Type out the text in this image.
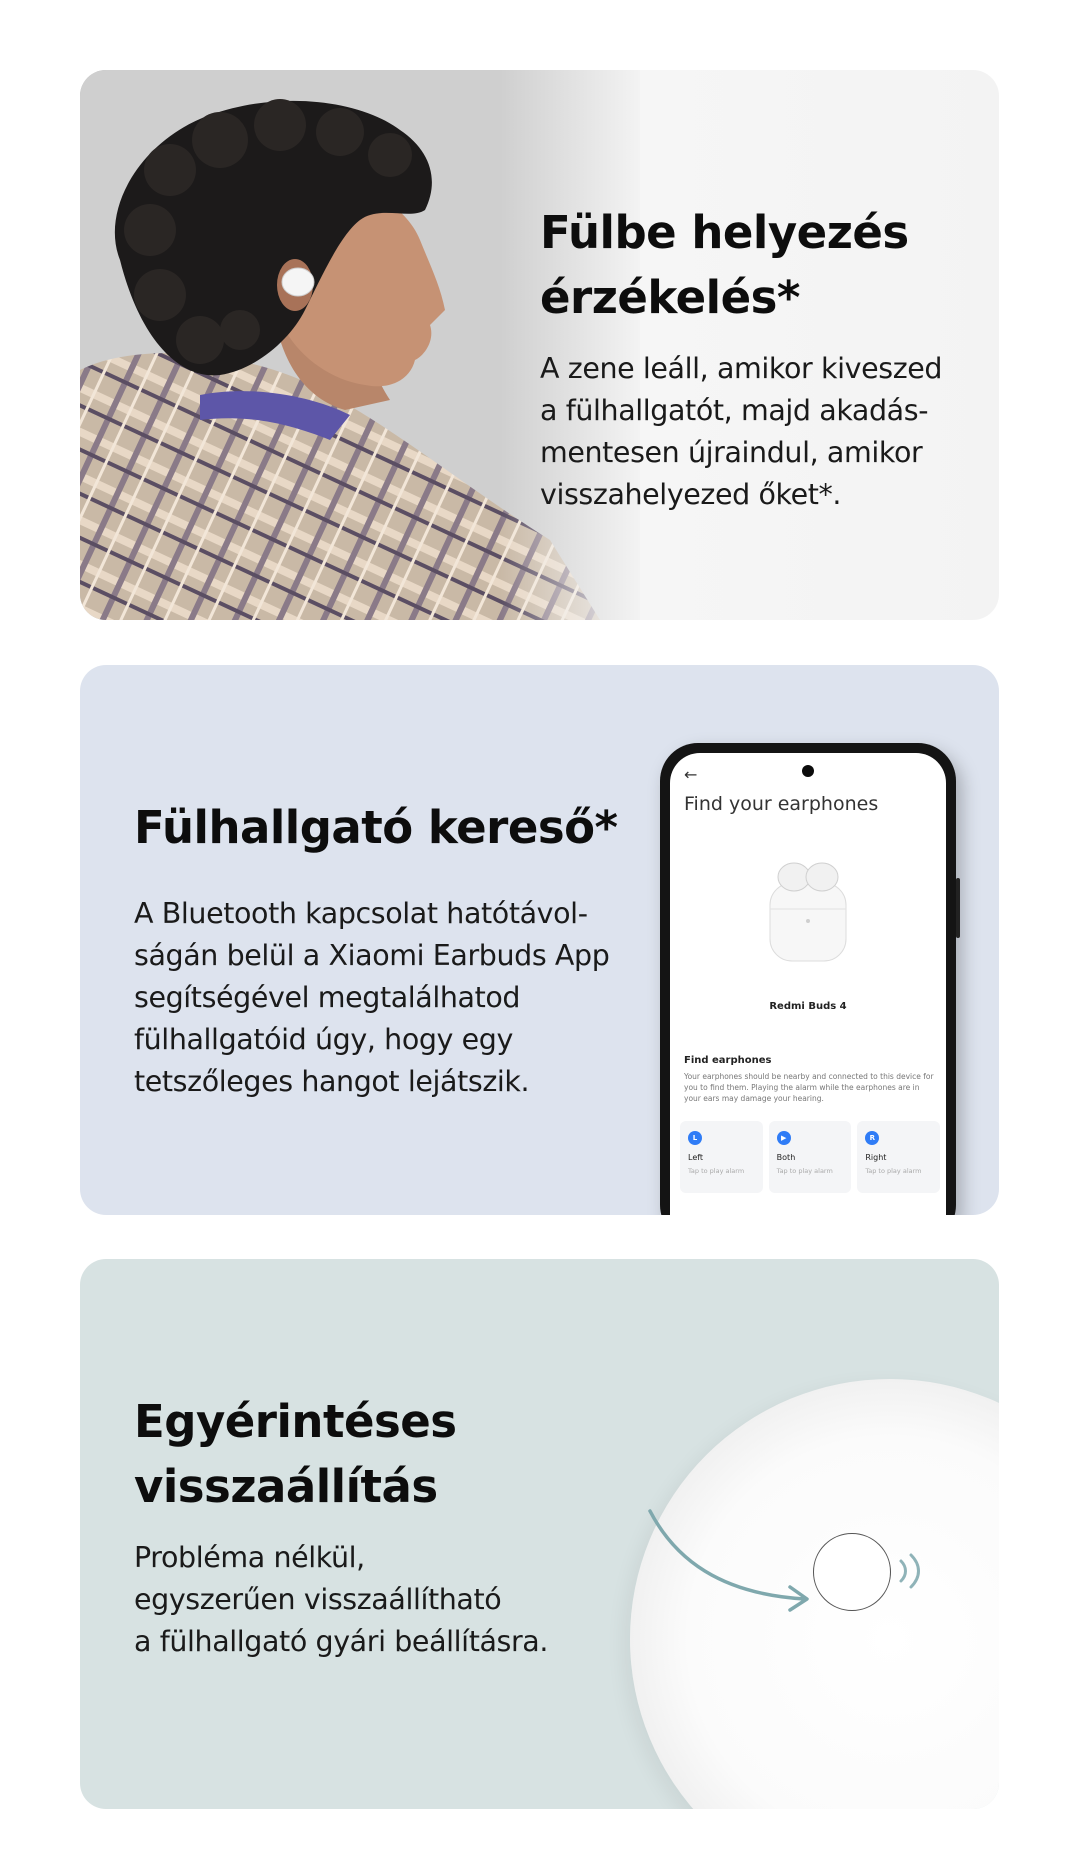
Fülbe helyezés
érzékelés*

A zene leáll, amikor kiveszed
a fülhallgatót, majd akadás-
mentesen újraindul, amikor
visszahelyezed őket*.

Fülhallgató kereső*

A Bluetooth kapcsolat hatótávol-
ságán belül a Xiaomi Earbuds App
segítségével megtalálhatod
fülhallgatóid úgy, hogy egy
tetszőleges hangot lejátszik.

←
Find your earphones
Redmi Buds 4
Find earphones
Your earphones should be nearby and connected to this device for you to find them. Playing the alarm while the earphones are in your ears may damage your hearing.
L
Left
Tap to play alarm
▶
Both
Tap to play alarm
R
Right
Tap to play alarm
Egyérintéses
visszaállítás

Probléma nélkül,
egyszerűen visszaállítható
a fülhallgató gyári beállításra.
